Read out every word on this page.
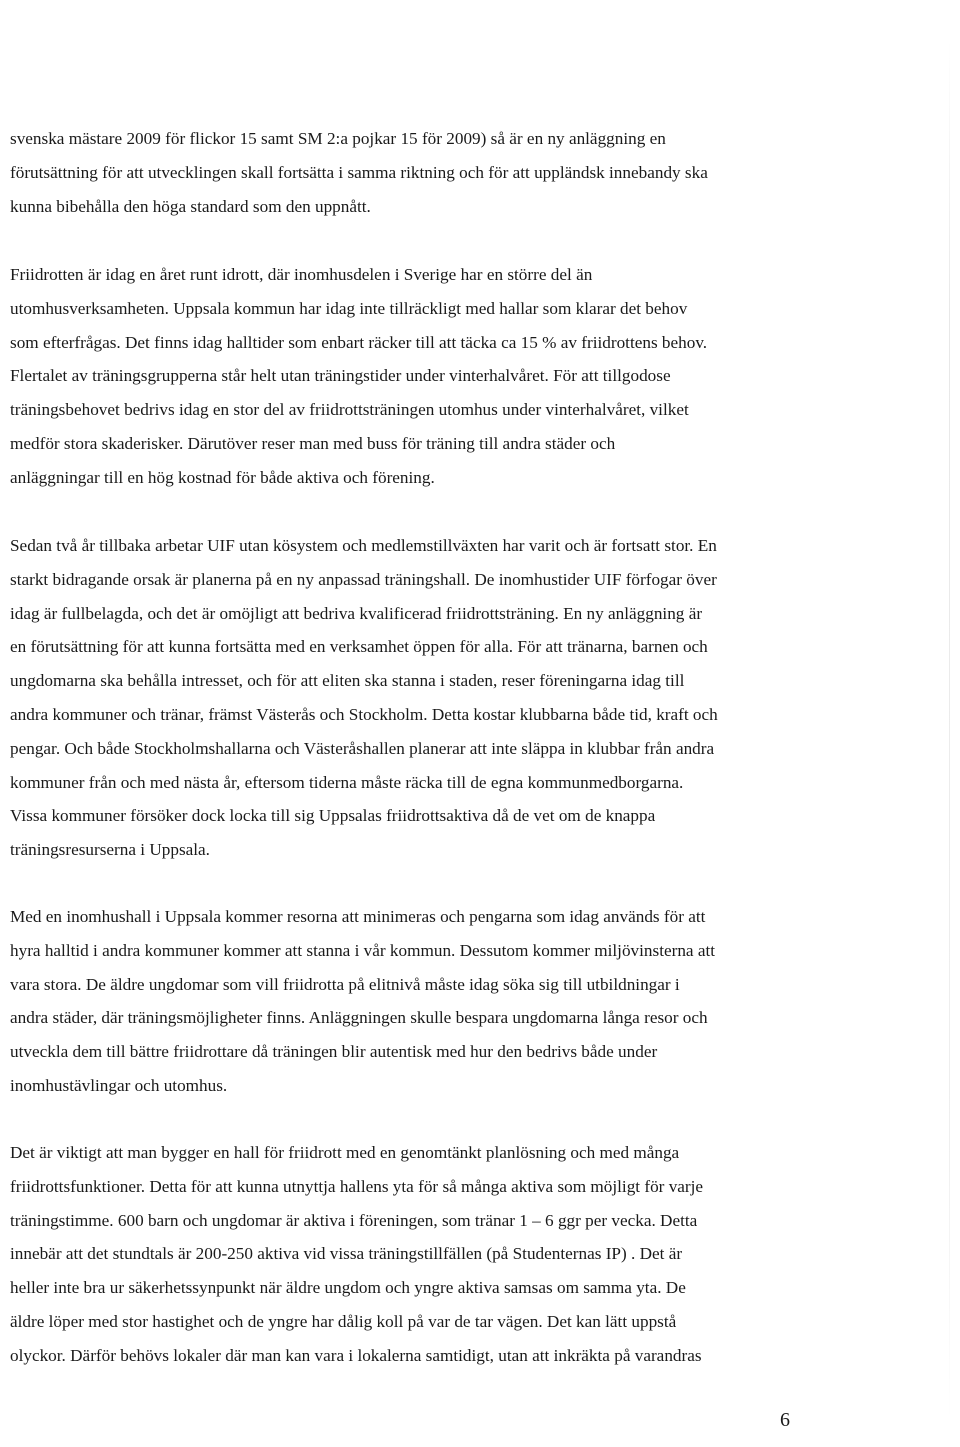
svenska mästare 2009 för flickor 15 samt SM 2:a pojkar 15 för 2009) så är en ny anläggning en
förutsättning för att utvecklingen skall fortsätta i samma riktning och för att uppländsk innebandy ska
kunna bibehålla den höga standard som den uppnått.
Friidrotten är idag en året runt idrott, där inomhusdelen i Sverige har en större del än
utomhusverksamheten. Uppsala kommun har idag inte tillräckligt med hallar som klarar det behov
som efterfrågas. Det finns idag halltider som enbart räcker till att täcka ca 15 % av friidrottens behov.
Flertalet av träningsgrupperna står helt utan träningstider under vinterhalvåret. För att tillgodose
träningsbehovet bedrivs idag en stor del av friidrottsträningen utomhus under vinterhalvåret, vilket
medför stora skaderisker. Därutöver reser man med buss för träning till andra städer och
anläggningar till en hög kostnad för både aktiva och förening.
Sedan två år tillbaka arbetar UIF utan kösystem och medlemstillväxten har varit och är fortsatt stor. En
starkt bidragande orsak är planerna på en ny anpassad träningshall. De inomhustider UIF förfogar över
idag är fullbelagda, och det är omöjligt att bedriva kvalificerad friidrottsträning. En ny anläggning är
en förutsättning för att kunna fortsätta med en verksamhet öppen för alla. För att tränarna, barnen och
ungdomarna ska behålla intresset, och för att eliten ska stanna i staden, reser föreningarna idag till
andra kommuner och tränar, främst Västerås och Stockholm. Detta kostar klubbarna både tid, kraft och
pengar. Och både Stockholmshallarna och Västeråshallen planerar att inte släppa in klubbar från andra
kommuner från och med nästa år, eftersom tiderna måste räcka till de egna kommunmedborgarna.
Vissa kommuner försöker dock locka till sig Uppsalas friidrottsaktiva då de vet om de knappa
träningsresurserna i Uppsala.
Med en inomhushall i Uppsala kommer resorna att minimeras och pengarna som idag används för att
hyra halltid i andra kommuner kommer att stanna i vår kommun. Dessutom kommer miljövinsterna att
vara stora. De äldre ungdomar som vill friidrotta på elitnivå måste idag söka sig till utbildningar i
andra städer, där träningsmöjligheter finns. Anläggningen skulle bespara ungdomarna långa resor och
utveckla dem till bättre friidrottare då träningen blir autentisk med hur den bedrivs både under
inomhustävlingar och utomhus.
Det är viktigt att man bygger en hall för friidrott med en genomtänkt planlösning och med många
friidrottsfunktioner. Detta för att kunna utnyttja hallens yta för så många aktiva som möjligt för varje
träningstimme. 600 barn och ungdomar är aktiva i föreningen, som tränar 1 – 6 ggr per vecka. Detta
innebär att det stundtals är 200-250 aktiva vid vissa träningstillfällen (på Studenternas IP) . Det är
heller inte bra ur säkerhetssynpunkt när äldre ungdom och yngre aktiva samsas om samma yta. De
äldre löper med stor hastighet och de yngre har dålig koll på var de tar vägen. Det kan lätt uppstå
olyckor. Därför behövs lokaler där man kan vara i lokalerna samtidigt, utan att inkräkta på varandras

6
